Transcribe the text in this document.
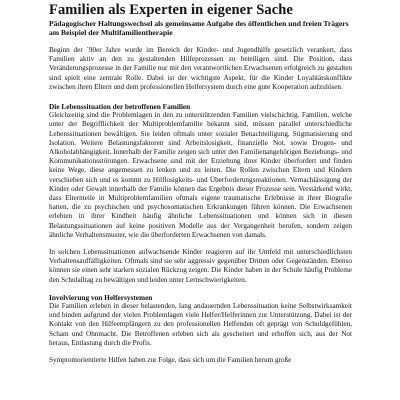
Familien als Experten in eigener Sache
Pädagogischer Haltungswechsel als gemeinsame Aufgabe des öffentlichen und freien Trägers am Beispiel der Multifamilientherapie

Beginn der `90er Jahre wurde im Bereich der Kinder- und Jugendhilfe gesetzlich verankert, dass Familien aktiv an den zu gestaltenden Hilfeprozessen zu beteiligen sind. Die Position, dass Veränderungsprozesse in der Familie nur mit den verantwortlichen Erwachsenen erfolgreich zu gestalten sind spielt eine zentrale Rolle. Dabei ist der wichtigste Aspekt, für die Kinder Loyalitätskonflikte zwischen ihren Eltern und dem professionellen Helfersystem durch eine gute Kooperation aufzulösen.

Die Lebenssituation der betroffenen Familien

Gleichzeitig sind die Problemlagen in den zu unterstützenden Familien vielschichtig. Familien, welche unter der Begrifflichkeit der Multiproblemfamilie bekannt sind, müssen parallel unterschiedliche Lebenssituationen bewältigen. Sie leiden oftmals unter sozialer Benachteiligung, Stigmatisierung und Isolation. Weitere Belastungsfaktoren sind Arbeitslosigkeit, finanzielle Not, sowie Drogen- und Alkoholabhängigkeit. Innerhalb der Familie zeigen sich unter den Familienangehörigen Beziehungs- und Kommunikationsstörungen. Erwachsene sind mit der Erziehung ihrer Kinder überfordert und finden keine Wege, diese angemessen zu lenken und zu leiten. Die Rollen zwischen Eltern und Kindern verschieben sich und es kommt zu Hilflosigkeits- und Überforderungsreaktionen. Vernachlässigung der Kinder oder Gewalt innerhalb der Familie können das Ergebnis dieser Prozesse sein. Verstärkend wirkt, dass Elternteile in Multiproblemfamilien oftmals eigene traumatische Erlebnisse in ihrer Biografie hatten, die zu psychischen und psychosomatischen Erkrankungen führen können. Die Erwachsenen erlebten in ihrer Kindheit häufig ähnliche Lebenssituationen und können sich in diesen Belastungssituationen auf keine positiven Modelle aus der Vergangenheit berufen, sondern zeigen ähnliche Verhaltensmuster, wie die überforderten Erwachsenen von damals.

In solchen Lebenssituationen aufwachsende Kinder reagieren auf ihr Umfeld mit unterschiedlichsten Verhaltensauffälligkeiten. Oftmals sind sie sehr aggressiv gegenüber Dritten oder Gegenständen. Ebenso können sie einen sehr starken sozialen Rückzug zeigen. Die Kinder haben in der Schule häufig Probleme den Schulalltag zu bewältigen und leiden unter Lernschwierigkeiten.

Involvierung von Helfersystemen

Die Familien erleben in dieser belastenden, lang andauernden Lebenssituation keine Selbstwirksamkeit und binden aufgrund der vielen Problemlagen viele Helfer/Helferinnen zur Unterstützung. Dabei ist der Kontakt von den Hilfeempfängern zu den professionellen Helfenden oft geprägt von Schuldgefühlen, Scham und Ohnmacht. Die Betroffenen erleben sich als gescheitert und erhoffen sich, aus der Not heraus, Entlastung durch die Profis.

Symptomorientierte Hilfen haben zur Folge, dass sich um die Familien herum große
